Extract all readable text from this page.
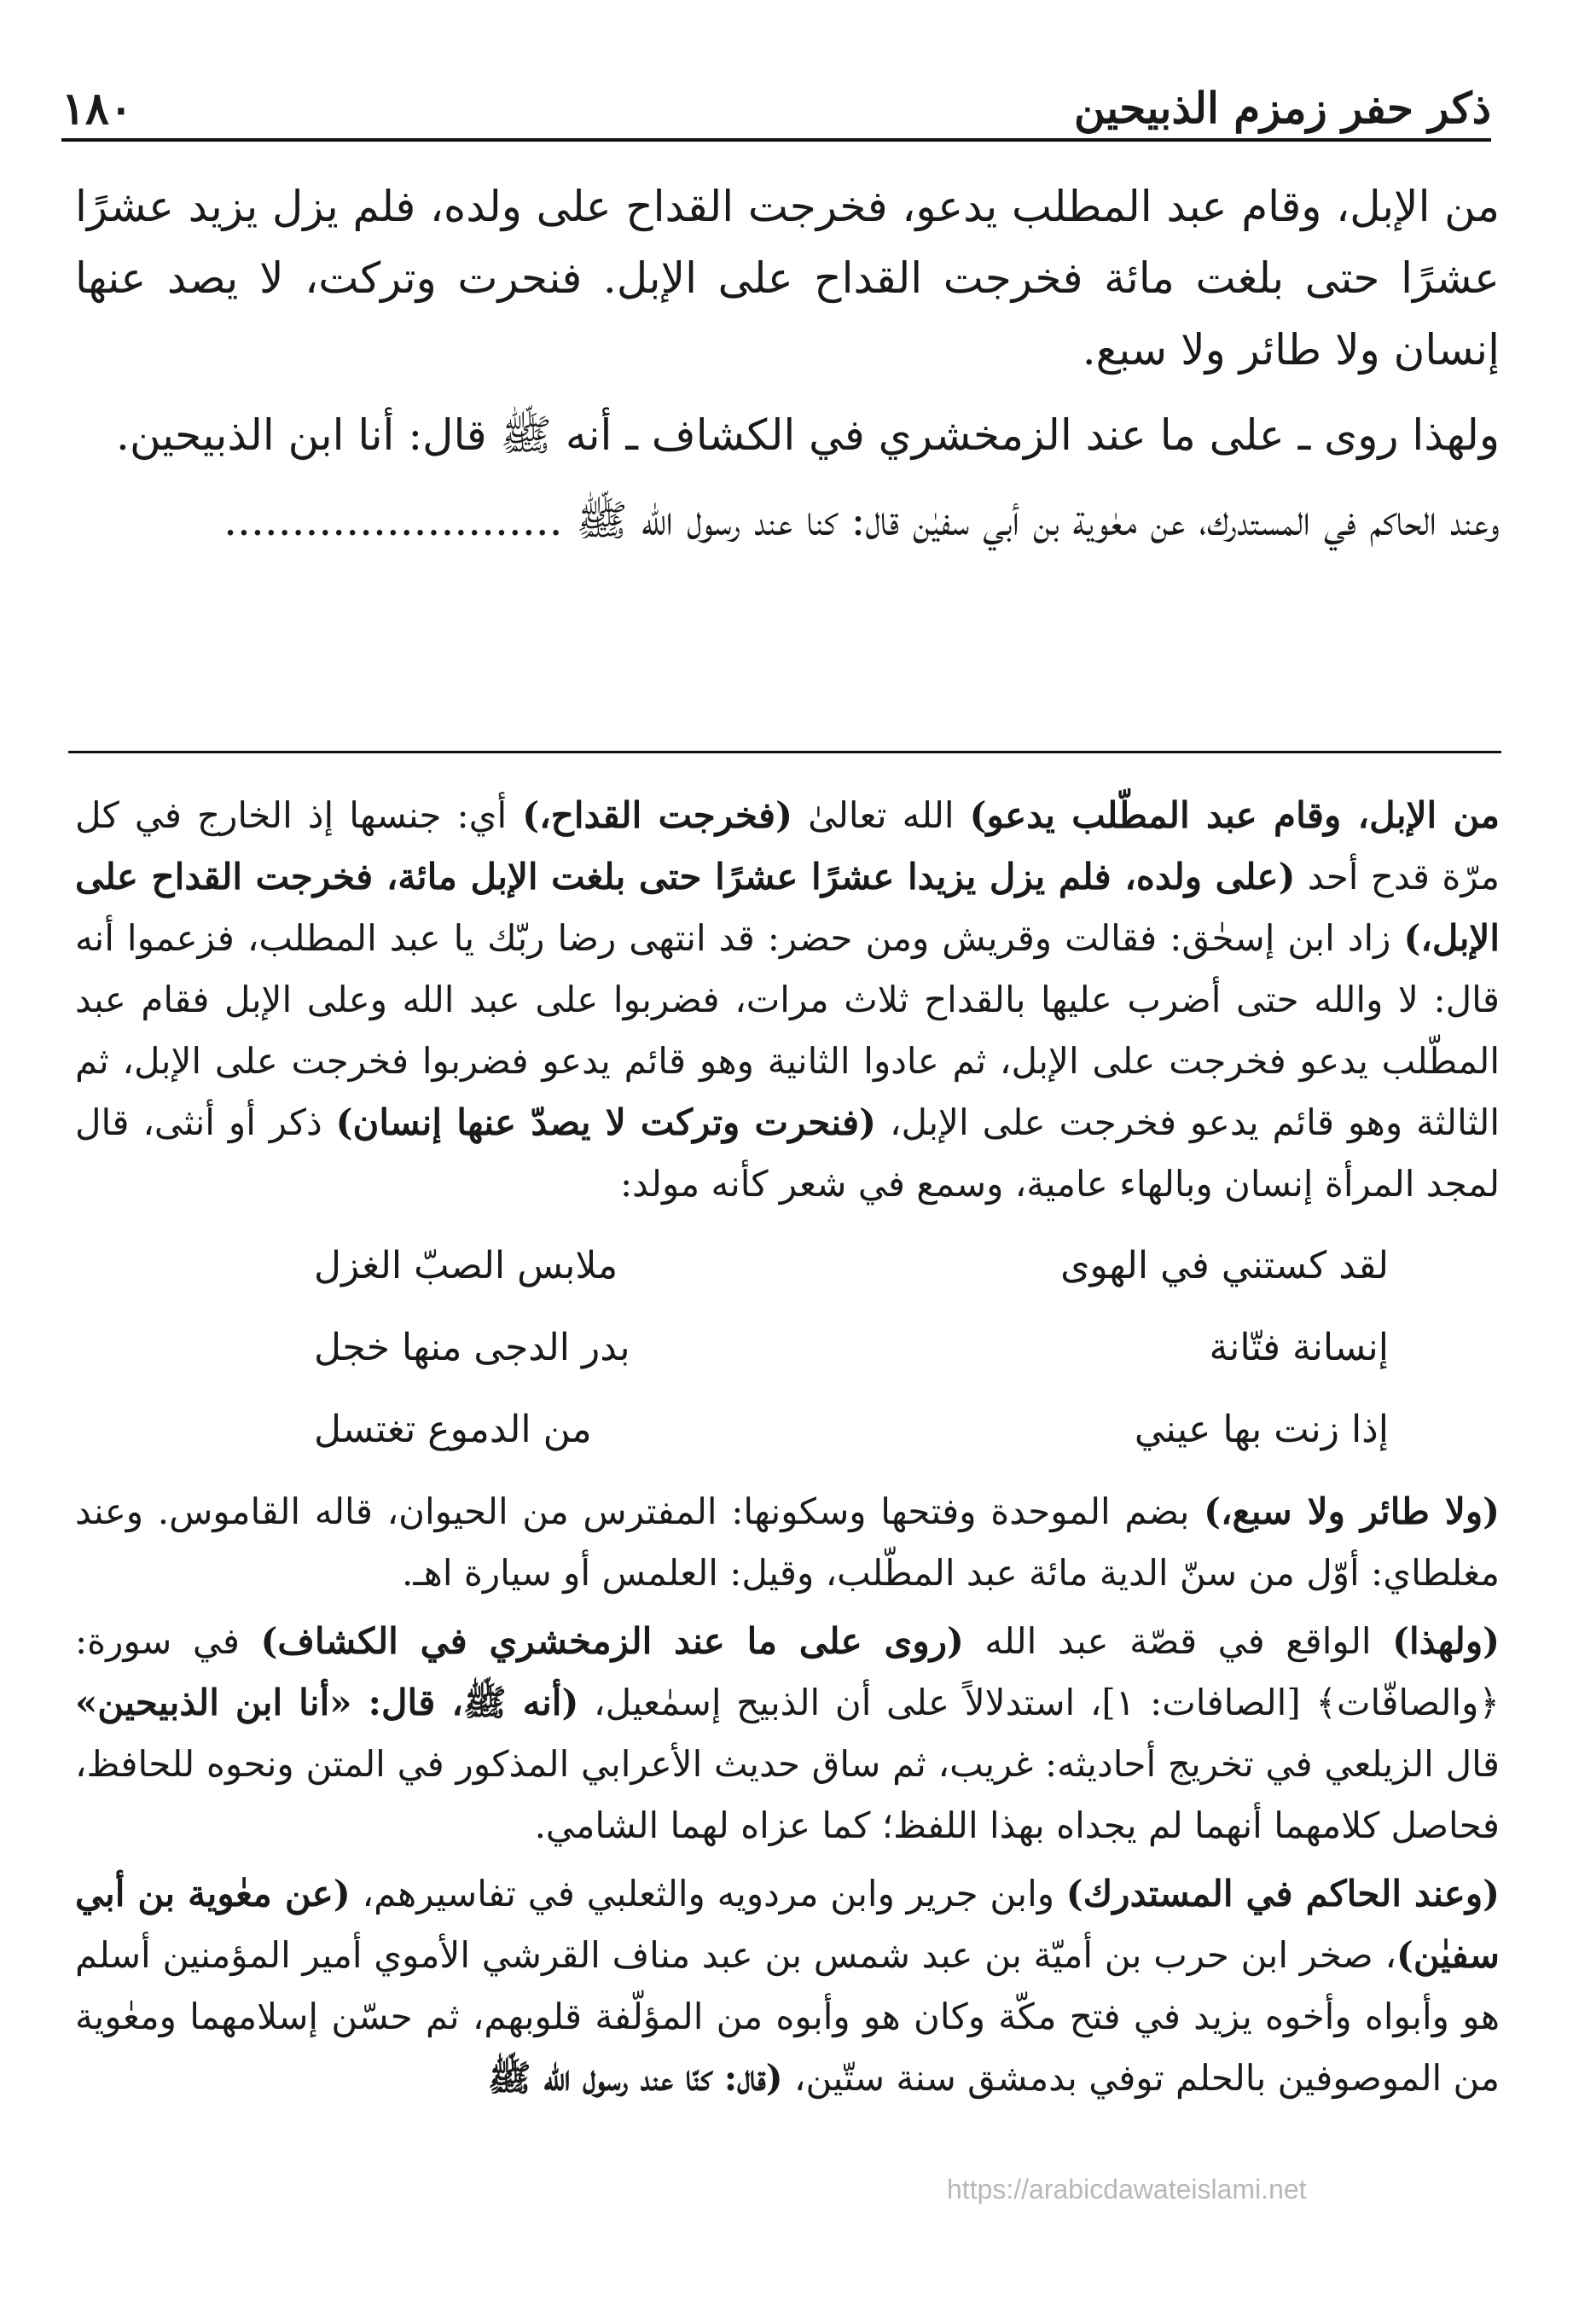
ذكر حفر زمزم الذبيحين
١٨٠

من الإبل، وقام عبد المطلب يدعو، فخرجت القداح على ولده، فلم يزل يزيد عشرًا عشرًا حتى بلغت مائة فخرجت القداح على الإبل. فنحرت وتركت، لا يصد عنها إنسان ولا طائر ولا سبع.

ولهذا روى ـ على ما عند الزمخشري في الكشاف ـ أنه ﷺ قال: أنا ابن الذبيحين.

وعند الحاكم في المستدرك، عن معٰوية بن أبي سفيٰن قال: كنا عند رسول الله ﷺ .........................

من الإبل، وقام عبد المطّلب يدعو) الله تعالىٰ (فخرجت القداح،) أي: جنسها إذ الخارج في كل مرّة قدح أحد (على ولده، فلم يزل يزيدا عشرًا عشرًا حتى بلغت الإبل مائة، فخرجت القداح على الإبل،) زاد ابن إسحٰق: فقالت وقريش ومن حضر: قد انتهى رضا ربّك يا عبد المطلب، فزعموا أنه قال: لا والله حتى أضرب عليها بالقداح ثلاث مرات، فضربوا على عبد الله وعلى الإبل فقام عبد المطّلب يدعو فخرجت على الإبل، ثم عادوا الثانية وهو قائم يدعو فضربوا فخرجت على الإبل، ثم الثالثة وهو قائم يدعو فخرجت على الإبل، (فنحرت وتركت لا يصدّ عنها إنسان) ذكر أو أنثى، قال لمجد المرأة إنسان وبالهاء عامية، وسمع في شعر كأنه مولد:

لقد كستني في الهوى
ملابس الصبّ الغزل
إنسانة فتّانة
بدر الدجى منها خجل
إذا زنت بها عيني
من الدموع تغتسل

(ولا طائر ولا سبع،) بضم الموحدة وفتحها وسكونها: المفترس من الحيوان، قاله القاموس. وعند مغلطاي: أوّل من سنّ الدية مائة عبد المطّلب، وقيل: العلمس أو سيارة اهـ.

(ولهذا) الواقع في قصّة عبد الله (روى على ما عند الزمخشري في الكشاف) في سورة: ﴿والصافّات﴾ [الصافات: ١]، استدلالاً على أن الذبيح إسمٰعيل، (أنه ﷺ، قال: «أنا ابن الذبيحين» قال الزيلعي في تخريج أحاديثه: غريب، ثم ساق حديث الأعرابي المذكور في المتن ونحوه للحافظ، فحاصل كلامهما أنهما لم يجداه بهذا اللفظ؛ كما عزاه لهما الشامي.

(وعند الحاكم في المستدرك) وابن جرير وابن مردويه والثعلبي في تفاسيرهم، (عن معٰوية بن أبي سفيٰن)، صخر ابن حرب بن أميّة بن عبد شمس بن عبد مناف القرشي الأموي أمير المؤمنين أسلم هو وأبواه وأخوه يزيد في فتح مكّة وكان هو وأبوه من المؤلّفة قلوبهم، ثم حسّن إسلامهما ومعٰوية من الموصوفين بالحلم توفي بدمشق سنة ستّين، (قال: كنّا عند رسول الله ﷺ

https://arabicdawateislami.net
